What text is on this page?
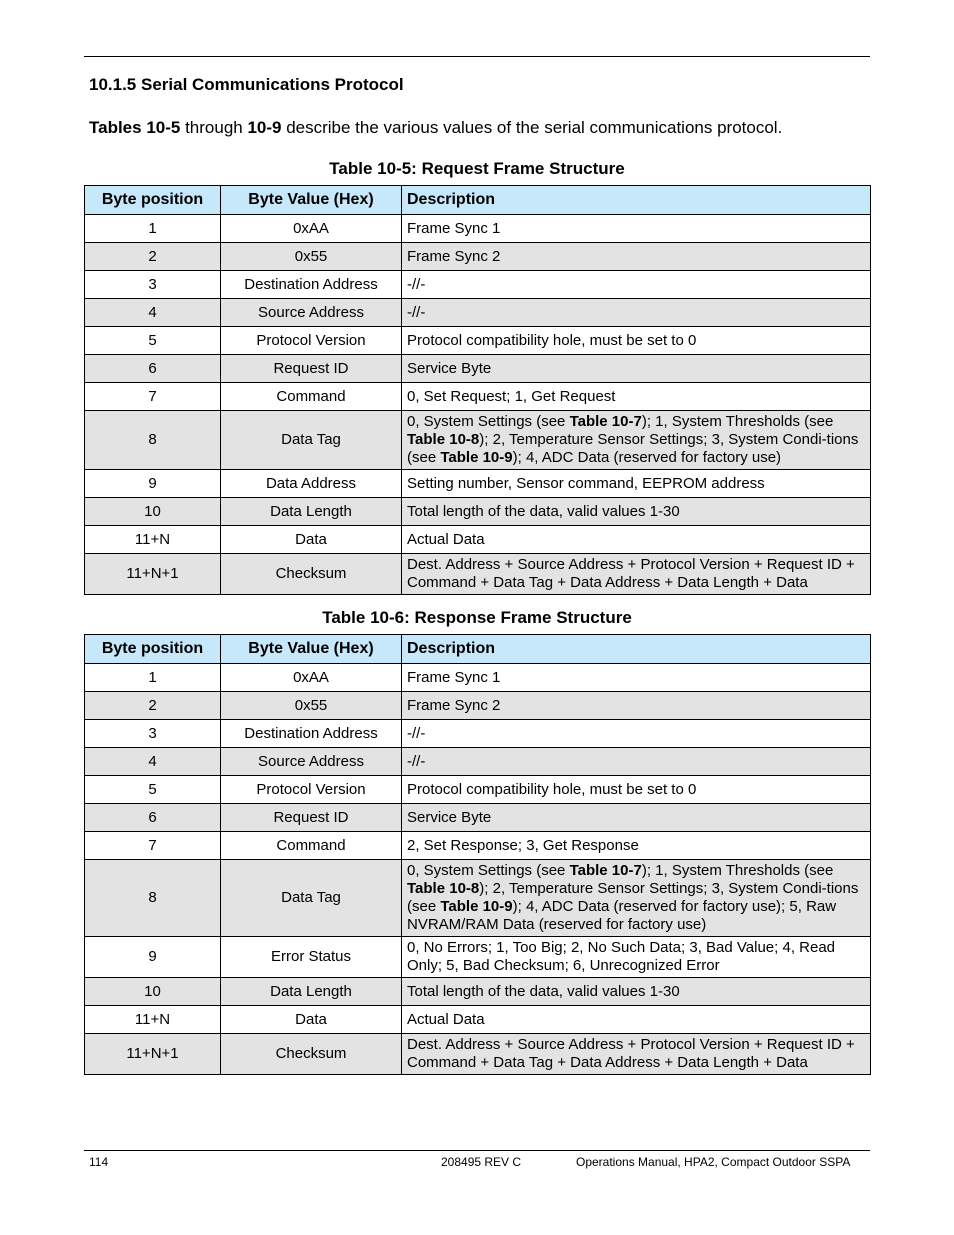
10.1.5 Serial Communications Protocol

Tables 10-5 through 10-9 describe the various values of the serial communications protocol.

Table 10-5: Request Frame Structure
Byte position	Byte Value (Hex)	Description
1	0xAA	Frame Sync 1
2	0x55	Frame Sync 2
3	Destination Address	-//-
4	Source Address	-//-
5	Protocol Version	Protocol compatibility hole, must be set to 0
6	Request ID	Service Byte
7	Command	0, Set Request; 1, Get Request
8	Data Tag	0, System Settings (see Table 10-7); 1, System Thresholds (see Table 10-8); 2, Temperature Sensor Settings; 3, System Condi-tions (see Table 10-9); 4, ADC Data (reserved for factory use)
9	Data Address	Setting number, Sensor command, EEPROM address
10	Data Length	Total length of the data, valid values 1-30
11+N	Data	Actual Data
11+N+1	Checksum	Dest. Address + Source Address + Protocol Version + Request ID + Command + Data Tag + Data Address + Data Length + Data
Table 10-6: Response Frame Structure
Byte position	Byte Value (Hex)	Description
1	0xAA	Frame Sync 1
2	0x55	Frame Sync 2
3	Destination Address	-//-
4	Source Address	-//-
5	Protocol Version	Protocol compatibility hole, must be set to 0
6	Request ID	Service Byte
7	Command	2, Set Response; 3, Get Response
8	Data Tag	0, System Settings (see Table 10-7); 1, System Thresholds (see Table 10-8); 2, Temperature Sensor Settings; 3, System Condi-tions (see Table 10-9); 4, ADC Data (reserved for factory use); 5, Raw NVRAM/RAM Data (reserved for factory use)
9	Error Status	0, No Errors; 1, Too Big; 2, No Such Data; 3, Bad Value; 4, Read Only; 5, Bad Checksum; 6, Unrecognized Error
10	Data Length	Total length of the data, valid values 1-30
11+N	Data	Actual Data
11+N+1	Checksum	Dest. Address + Source Address + Protocol Version + Request ID + Command + Data Tag + Data Address + Data Length + Data
114	208495 REV C	Operations Manual, HPA2, Compact Outdoor SSPA
